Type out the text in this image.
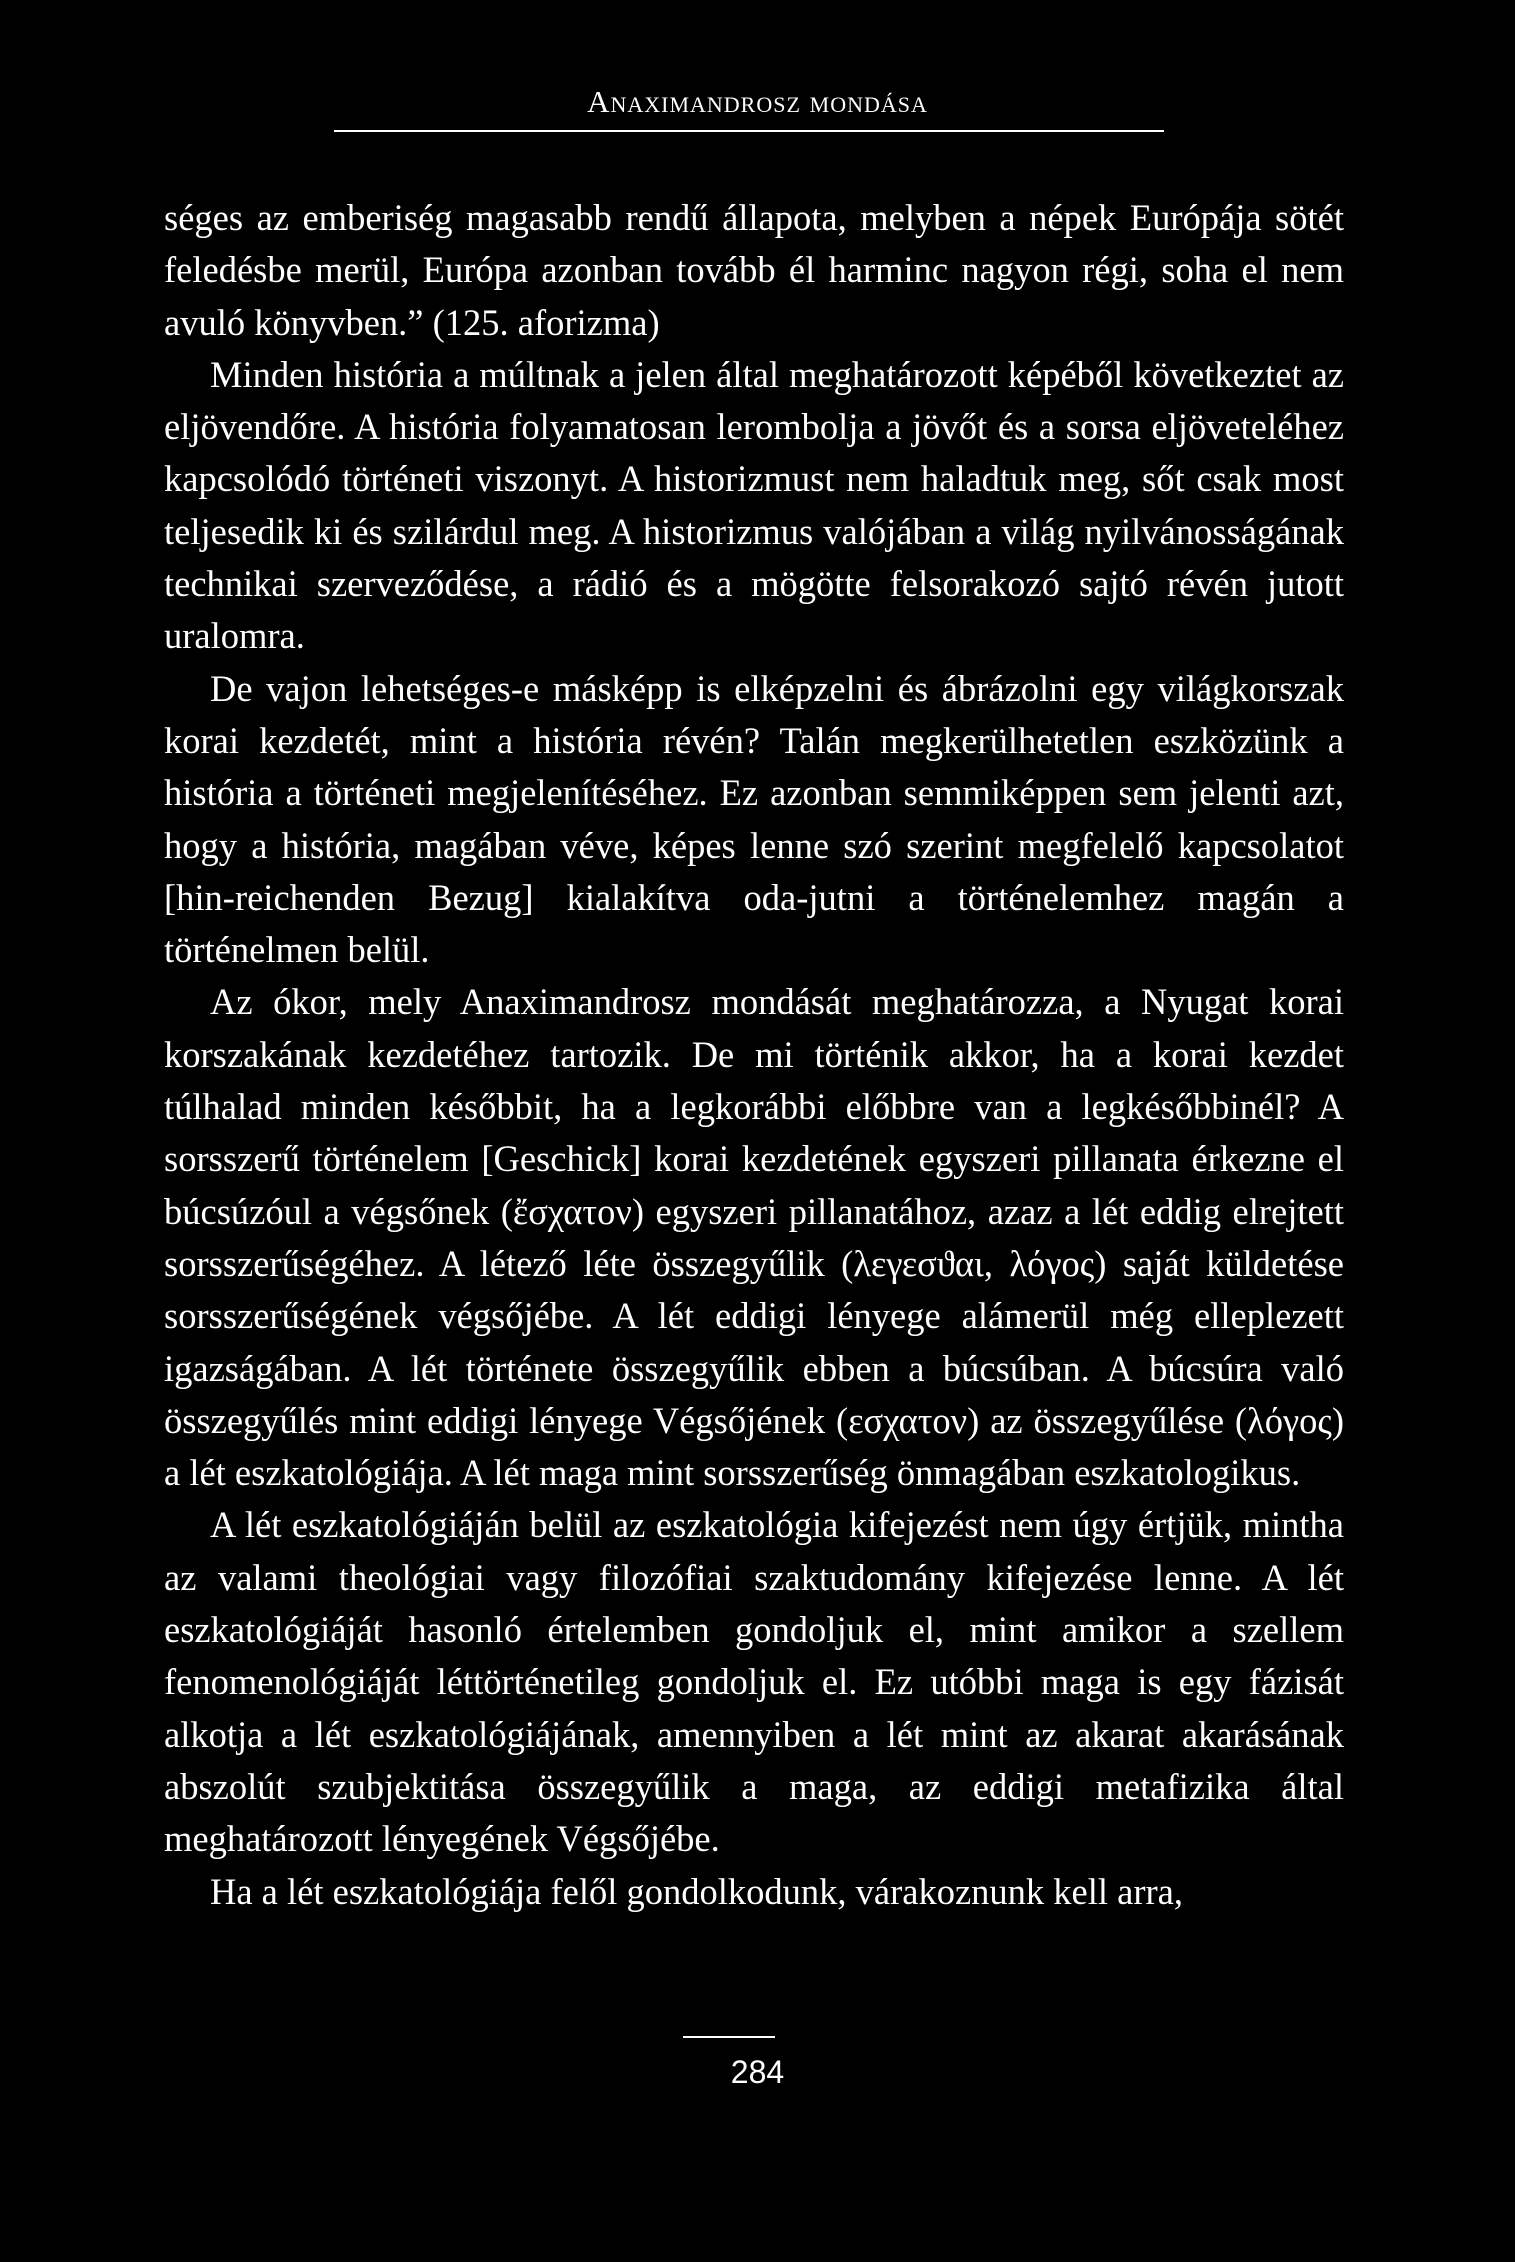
Anaximandrosz mondása

séges az emberiség magasabb rendű állapota, melyben a népek Európája sötét feledésbe merül, Európa azonban tovább él harminc nagyon régi, soha el nem avuló könyvben.” (125. aforizma)

Minden história a múltnak a jelen által meghatározott képéből következtet az eljövendőre. A história folyamatosan lerombolja a jövőt és a sorsa eljöveteléhez kapcsolódó történeti viszonyt. A historizmust nem haladtuk meg, sőt csak most teljesedik ki és szilárdul meg. A historizmus valójában a világ nyilvánosságának technikai szerveződése, a rádió és a mögötte felsorakozó sajtó révén jutott uralomra.

De vajon lehetséges-e másképp is elképzelni és ábrázolni egy világkorszak korai kezdetét, mint a história révén? Talán megkerülhetetlen eszközünk a história a történeti megjelenítéséhez. Ez azonban semmiképpen sem jelenti azt, hogy a história, magában véve, képes lenne szó szerint megfelelő kapcsolatot [hin-reichenden Bezug] kialakítva oda-jutni a történelemhez magán a történelmen belül.

Az ókor, mely Anaximandrosz mondását meghatározza, a Nyugat korai korszakának kezdetéhez tartozik. De mi történik akkor, ha a korai kezdet túlhalad minden későbbit, ha a legkorábbi előbbre van a legkésőbbinél? A sorsszerű történelem [Geschick] korai kezdetének egyszeri pillanata érkezne el búcsúzóul a végsőnek (ἔσχατον) egyszeri pillanatához, azaz a lét eddig elrejtett sorsszerűségéhez. A létező léte összegyűlik (λεγεσϑαι, λόγος) saját küldetése sorsszerűségének végsőjébe. A lét eddigi lényege alámerül még elleplezett igazságában. A lét története összegyűlik ebben a búcsúban. A búcsúra való összegyűlés mint eddigi lényege Végsőjének (εσχατον) az összegyűlése (λόγος) a lét eszkatológiája. A lét maga mint sorsszerűség önmagában eszkatologikus.

A lét eszkatológiáján belül az eszkatológia kifejezést nem úgy értjük, mintha az valami theológiai vagy filozófiai szaktudomány kifejezése lenne. A lét eszkatológiáját hasonló értelemben gondoljuk el, mint amikor a szellem fenomenológiáját léttörténetileg gondoljuk el. Ez utóbbi maga is egy fázisát alkotja a lét eszkatológiájának, amennyiben a lét mint az akarat akarásának abszolút szubjektitása összegyűlik a maga, az eddigi metafizika által meghatározott lényegének Végsőjébe.

Ha a lét eszkatológiája felől gondolkodunk, várakoznunk kell arra,

284
